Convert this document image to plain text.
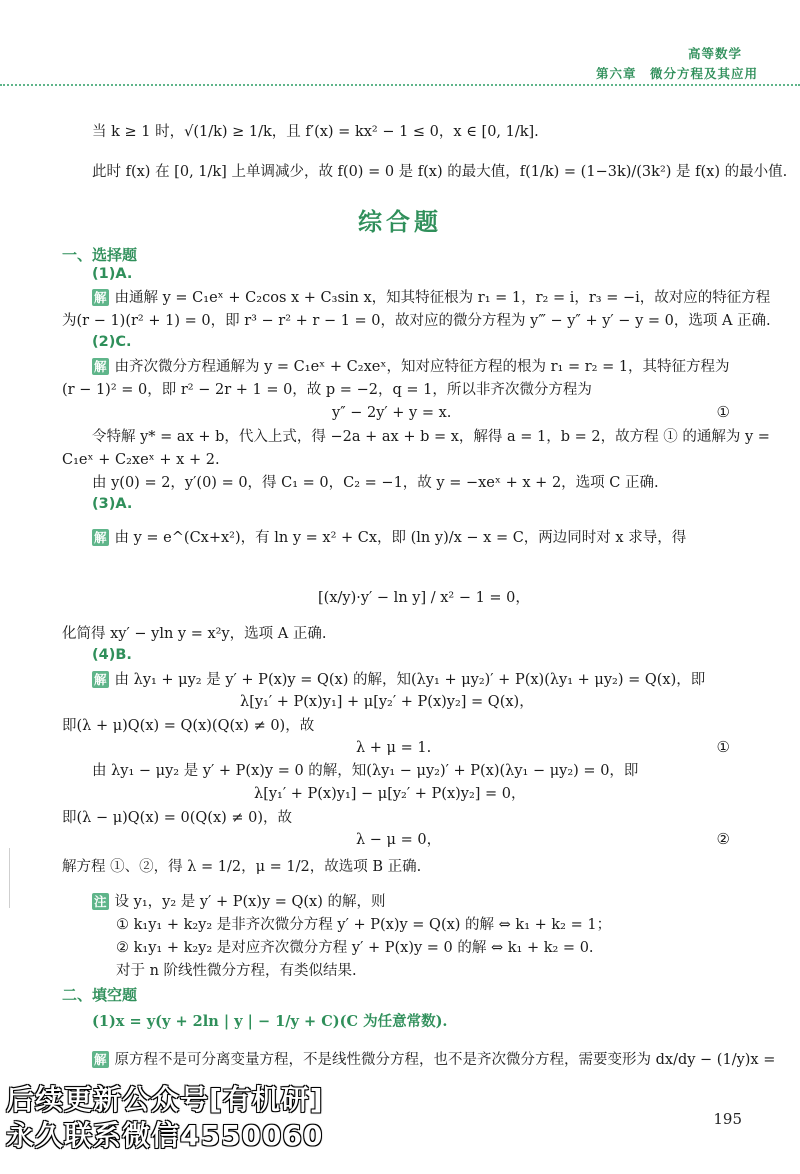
高等数学
第六章　微分方程及其应用
当 k ≥ 1 时，√(1/k) ≥ 1/k，且 f′(x) = kx² − 1 ≤ 0，x ∈ [0, 1/k].
此时 f(x) 在 [0, 1/k] 上单调减少，故 f(0) = 0 是 f(x) 的最大值，f(1/k) = (1−3k)/(3k²) 是 f(x) 的最小值.
综合题
一、选择题
(1)A.
解 由通解 y = C₁eˣ + C₂cos x + C₃sin x，知其特征根为 r₁ = 1，r₂ = i，r₃ = −i，故对应的特征方程
为(r − 1)(r² + 1) = 0，即 r³ − r² + r − 1 = 0，故对应的微分方程为 y‴ − y″ + y′ − y = 0，选项 A 正确.
(2)C.
解 由齐次微分方程通解为 y = C₁eˣ + C₂xeˣ，知对应特征方程的根为 r₁ = r₂ = 1，其特征方程为
(r − 1)² = 0，即 r² − 2r + 1 = 0，故 p = −2，q = 1，所以非齐次微分方程为
y″ − 2y′ + y = x.	①
令特解 y* = ax + b，代入上式，得 −2a + ax + b = x，解得 a = 1，b = 2，故方程 ① 的通解为 y =
C₁eˣ + C₂xeˣ + x + 2.
由 y(0) = 2，y′(0) = 0，得 C₁ = 0，C₂ = −1，故 y = −xeˣ + x + 2，选项 C 正确.
(3)A.
解 由 y = e^(Cx+x²)，有 ln y = x² + Cx，即 (ln y)/x − x = C，两边同时对 x 求导，得
[(x/y)·y′ − ln y] / x² − 1 = 0，
化简得 xy′ − yln y = x²y，选项 A 正确.
(4)B.
解 由 λy₁ + μy₂ 是 y′ + P(x)y = Q(x) 的解，知(λy₁ + μy₂)′ + P(x)(λy₁ + μy₂) = Q(x)，即
λ[y₁′ + P(x)y₁] + μ[y₂′ + P(x)y₂] = Q(x)，
即(λ + μ)Q(x) = Q(x)(Q(x) ≠ 0)，故
λ + μ = 1.	①
由 λy₁ − μy₂ 是 y′ + P(x)y = 0 的解，知(λy₁ − μy₂)′ + P(x)(λy₁ − μy₂) = 0，即
λ[y₁′ + P(x)y₁] − μ[y₂′ + P(x)y₂] = 0，
即(λ − μ)Q(x) = 0(Q(x) ≠ 0)，故
λ − μ = 0，	②
解方程 ①、②，得 λ = 1/2，μ = 1/2，故选项 B 正确.
注 设 y₁，y₂ 是 y′ + P(x)y = Q(x) 的解，则
① k₁y₁ + k₂y₂ 是非齐次微分方程 y′ + P(x)y = Q(x) 的解 ⇔ k₁ + k₂ = 1；
② k₁y₁ + k₂y₂ 是对应齐次微分方程 y′ + P(x)y = 0 的解 ⇔ k₁ + k₂ = 0.
对于 n 阶线性微分方程，有类似结果.
二、填空题
(1)x = y(y + 2ln | y | − 1/y + C)(C 为任意常数).
解 原方程不是可分离变量方程，不是线性微分方程，也不是齐次微分方程，需要变形为 dx/dy − (1/y)x =
195
后续更新公众号[有机研]
永久联系微信4550060
